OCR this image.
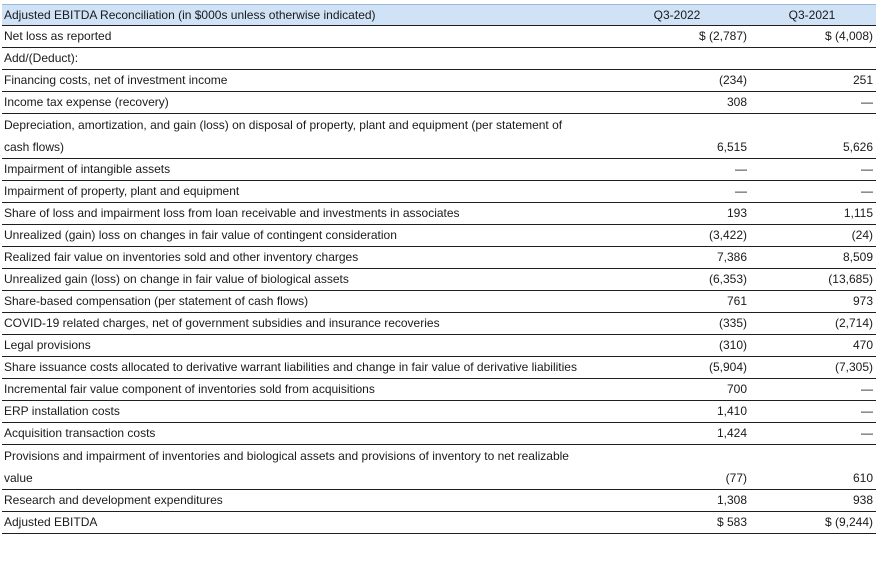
Adjusted EBITDA Reconciliation (in $000s unless otherwise indicated)	Q3-2022	Q3-2021
Net loss as reported	$ (2,787)	$ (4,008)
Add/(Deduct):		
Financing costs, net of investment income	(234)	251
Income tax expense (recovery)	308	—

Depreciation, amortization, and gain (loss) on disposal of property, plant and equipment (per statement of
cash flows)	6,515	5,626
Impairment of intangible assets	—	—
Impairment of property, plant and equipment	—	—
Share of loss and impairment loss from loan receivable and investments in associates	193	1,115
Unrealized (gain) loss on changes in fair value of contingent consideration	(3,422)	(24)
Realized fair value on inventories sold and other inventory charges	7,386	8,509
Unrealized gain (loss) on change in fair value of biological assets	(6,353)	(13,685)
Share-based compensation (per statement of cash flows)	761	973
COVID-19 related charges, net of government subsidies and insurance recoveries	(335)	(2,714)
Legal provisions	(310)	470
Share issuance costs allocated to derivative warrant liabilities and change in fair value of derivative liabilities	(5,904)	(7,305)
Incremental fair value component of inventories sold from acquisitions	700	—
ERP installation costs	1,410	—
Acquisition transaction costs	1,424	—

Provisions and impairment of inventories and biological assets and provisions of inventory to net realizable
value	(77)	610
Research and development expenditures	1,308	938
Adjusted EBITDA	$ 583	$ (9,244)
